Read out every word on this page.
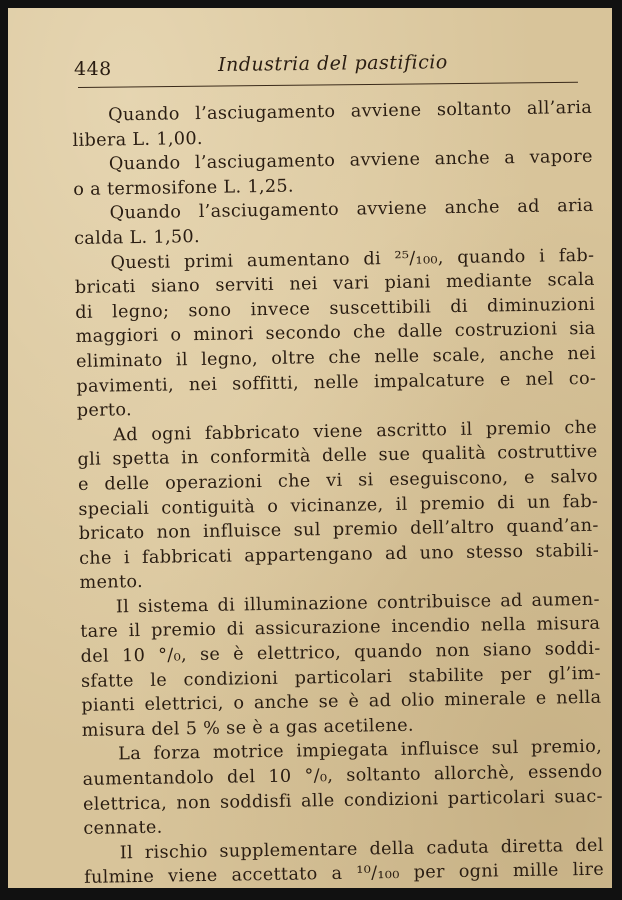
448	Industria del pastificio
Quando l’asciugamento avviene soltanto all’aria
libera L. 1,00.
Quando l’asciugamento avviene anche a vapore
o a termosifone L. 1,25.
Quando l’asciugamento avviene anche ad aria
calda L. 1,50.
Questi primi aumentano di ²⁵/₁₀₀, quando i fab-
bricati siano serviti nei vari piani mediante scala
di legno; sono invece suscettibili di diminuzioni
maggiori o minori secondo che dalle costruzioni sia
eliminato il legno, oltre che nelle scale, anche nei
pavimenti, nei soffitti, nelle impalcature e nel co-
perto.
Ad ogni fabbricato viene ascritto il premio che
gli spetta in conformità delle sue qualità costruttive
e delle operazioni che vi si eseguiscono, e salvo
speciali contiguità o vicinanze, il premio di un fab-
bricato non influisce sul premio dell’altro quand’an-
che i fabbricati appartengano ad uno stesso stabili-
mento.
Il sistema di illuminazione contribuisce ad aumen-
tare il premio di assicurazione incendio nella misura
del 10 °/₀, se è elettrico, quando non siano soddi-
sfatte le condizioni particolari stabilite per gl’im-
pianti elettrici, o anche se è ad olio minerale e nella
misura del 5 % se è a gas acetilene.
La forza motrice impiegata influisce sul premio,
aumentandolo del 10 °/₀, soltanto allorchè, essendo
elettrica, non soddisfi alle condizioni particolari suac-
cennate.
Il rischio supplementare della caduta diretta del
fulmine viene accettato a ¹⁰/₁₀₀ per ogni mille lire
